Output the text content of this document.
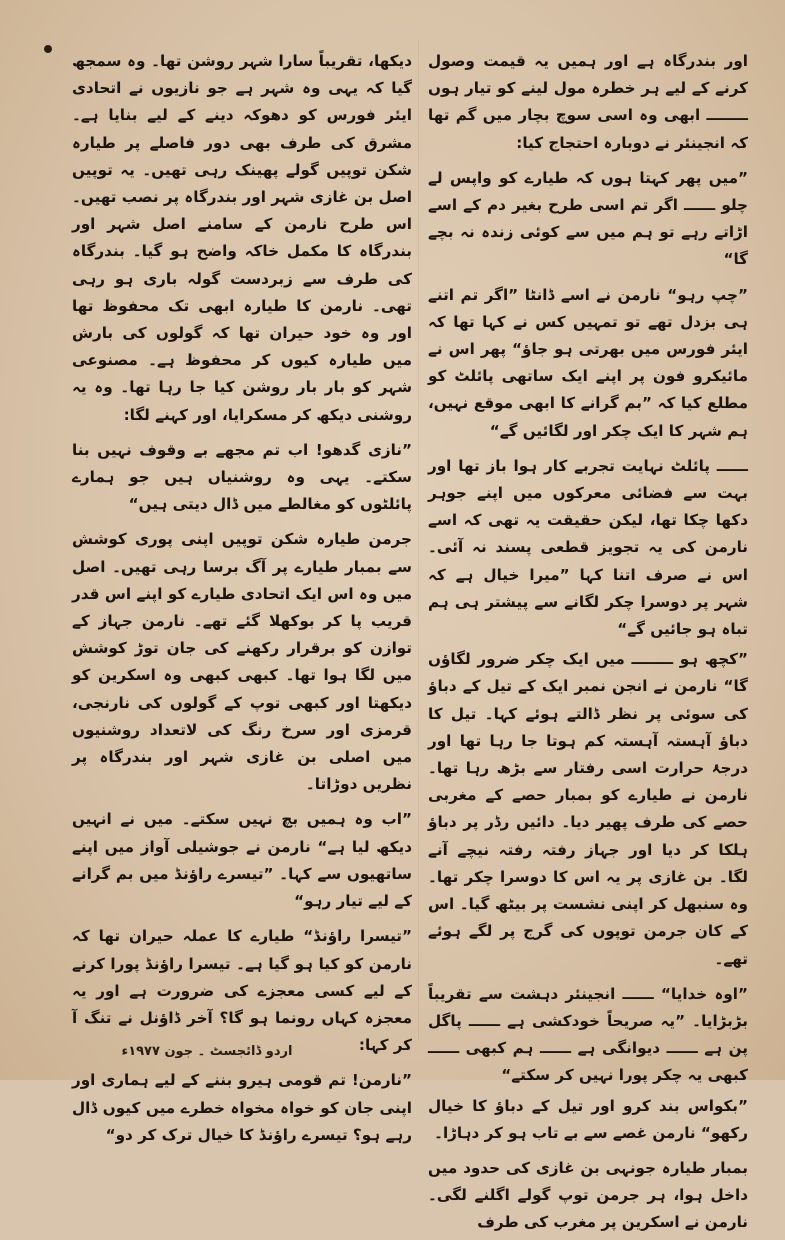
اور بندرگاہ ہے اور ہمیں یہ قیمت وصول کرنے کے لیے ہر خطرہ مول لینے کو تیار ہوں ــــــــ ابھی وہ اسی سوچ بچار میں گم تھا کہ انجینئر نے دوبارہ احتجاج کیا:

”میں پھر کہتا ہوں کہ طیارے کو واپس لے چلو ــــــ اگر تم اسی طرح بغیر دم کے اسے اڑاتے رہے تو ہم میں سے کوئی زندہ نہ بچے گا“

”چپ رہو“ نارمن نے اسے ڈانٹا ”اگر تم اتنے ہی بزدل تھے تو تمہیں کس نے کہا تھا کہ ایئر فورس میں بھرتی ہو جاؤ“ پھر اس نے مائیکرو فون پر اپنے ایک ساتھی پائلٹ کو مطلع کیا کہ ”بم گرانے کا ابھی موقع نہیں، ہم شہر کا ایک چکر اور لگائیں گے“

ــــــ پائلٹ نہایت تجربے کار ہوا باز تھا اور بہت سے فضائی معرکوں میں اپنے جوہر دکھا چکا تھا، لیکن حقیقت یہ تھی کہ اسے نارمن کی یہ تجویز قطعی پسند نہ آئی۔ اس نے صرف اتنا کہا ”میرا خیال ہے کہ شہر پر دوسرا چکر لگانے سے پیشتر ہی ہم تباہ ہو جائیں گے“

”کچھ ہو ــــــــ میں ایک چکر ضرور لگاؤں گا“ نارمن نے انجن نمبر ایک کے تیل کے دباؤ کی سوئی پر نظر ڈالتے ہوئے کہا۔ تیل کا دباؤ آہستہ آہستہ کم ہوتا جا رہا تھا اور درجۂ حرارت اسی رفتار سے بڑھ رہا تھا۔ نارمن نے طیارے کو بمبار حصے کے مغربی حصے کی طرف پھیر دیا۔ دائیں رڈر پر دباؤ ہلکا کر دیا اور جہاز رفتہ رفتہ نیچے آنے لگا۔ بن غازی پر یہ اس کا دوسرا چکر تھا۔ وہ سنبھل کر اپنی نشست پر بیٹھ گیا۔ اس کے کان جرمن توپوں کی گرج پر لگے ہوئے تھے۔

”اوہ خدایا“ ــــــ انجینئر دہشت سے تقریباً بڑبڑایا۔ ”یہ صریحاً خودکشی ہے ــــــ پاگل پن ہے ــــــ دیوانگی ہے ــــــ ہم کبھی ــــــ کبھی یہ چکر پورا نہیں کر سکتے“

”بکواس بند کرو اور تیل کے دباؤ کا خیال رکھو“ نارمن غصے سے بے تاب ہو کر دہاڑا۔

بمبار طیارہ جونہی بن غازی کی حدود میں داخل ہوا، ہر جرمن توپ گولے اگلنے لگی۔ نارمن نے اسکرین پر مغرب کی طرف

دیکھا، تقریباً سارا شہر روشن تھا۔ وہ سمجھ گیا کہ یہی وہ شہر ہے جو نازیوں نے اتحادی ایئر فورس کو دھوکہ دینے کے لیے بنایا ہے۔ مشرق کی طرف بھی دور فاصلے پر طیارہ شکن توپیں گولے پھینک رہی تھیں۔ یہ توپیں اصل بن غازی شہر اور بندرگاہ پر نصب تھیں۔ اس طرح نارمن کے سامنے اصل شہر اور بندرگاہ کا مکمل خاکہ واضح ہو گیا۔ بندرگاہ کی طرف سے زبردست گولہ باری ہو رہی تھی۔ نارمن کا طیارہ ابھی تک محفوظ تھا اور وہ خود حیران تھا کہ گولوں کی بارش میں طیارہ کیوں کر محفوظ ہے۔ مصنوعی شہر کو بار بار روشن کیا جا رہا تھا۔ وہ یہ روشنی دیکھ کر مسکرایا، اور کہنے لگا:

”نازی گدھو! اب تم مجھے بے وقوف نہیں بنا سکتے۔ یہی وہ روشنیاں ہیں جو ہمارے پائلٹوں کو مغالطے میں ڈال دیتی ہیں“

جرمن طیارہ شکن توپیں اپنی پوری کوشش سے بمبار طیارے پر آگ برسا رہی تھیں۔ اصل میں وہ اس ایک اتحادی طیارے کو اپنے اس قدر قریب پا کر بوکھلا گئے تھے۔ نارمن جہاز کے توازن کو برقرار رکھنے کی جان توڑ کوشش میں لگا ہوا تھا۔ کبھی کبھی وہ اسکرین کو دیکھتا اور کبھی توپ کے گولوں کی نارنجی، قرمزی اور سرخ رنگ کی لاتعداد روشنیوں میں اصلی بن غازی شہر اور بندرگاہ پر نظریں دوڑاتا۔

”اب وہ ہمیں بچ نہیں سکتے۔ میں نے انہیں دیکھ لیا ہے“ نارمن نے جوشیلی آواز میں اپنے ساتھیوں سے کہا۔ ”تیسرے راؤنڈ میں بم گرانے کے لیے تیار رہو“

”تیسرا راؤنڈ“ طیارے کا عملہ حیران تھا کہ نارمن کو کیا ہو گیا ہے۔ تیسرا راؤنڈ پورا کرنے کے لیے کسی معجزے کی ضرورت ہے اور یہ معجزہ کہاں رونما ہو گا؟ آخر ڈاؤنل نے تنگ آ کر کہا:

”نارمن! تم قومی ہیرو بننے کے لیے ہماری اور اپنی جان کو خواہ مخواہ خطرے میں کیوں ڈال رہے ہو؟ تیسرے راؤنڈ کا خیال ترک کر دو“

اردو ڈائجسٹ ۔ جون ۱۹۷۷ء
